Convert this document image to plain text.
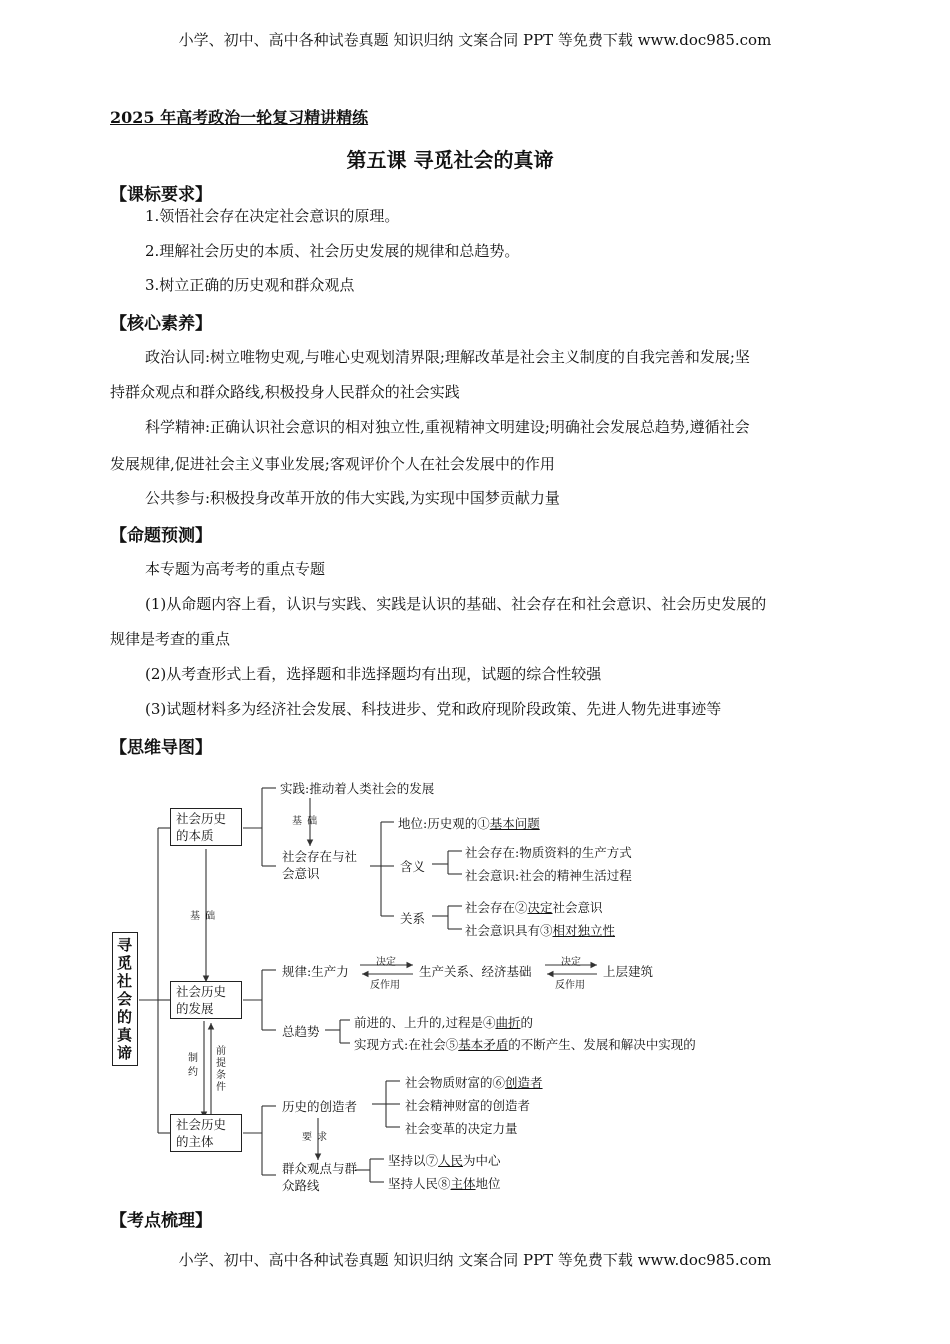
小学、初中、高中各种试卷真题 知识归纳 文案合同 PPT 等免费下载 www.doc985.com
小学、初中、高中各种试卷真题 知识归纳 文案合同 PPT 等免费下载 www.doc985.com
2025 年高考政治一轮复习精讲精练
第五课 寻觅社会的真谛
【课标要求】
1.领悟社会存在决定社会意识的原理。
2.理解社会历史的本质、社会历史发展的规律和总趋势。
3.树立正确的历史观和群众观点
【核心素养】
政治认同:树立唯物史观,与唯心史观划清界限;理解改革是社会主义制度的自我完善和发展;坚
持群众观点和群众路线,积极投身人民群众的社会实践
科学精神:正确认识社会意识的相对独立性,重视精神文明建设;明确社会发展总趋势,遵循社会
发展规律,促进社会主义事业发展;客观评价个人在社会发展中的作用
公共参与:积极投身改革开放的伟大实践,为实现中国梦贡献力量
【命题预测】
本专题为高考考的重点专题
(1)从命题内容上看，认识与实践、实践是认识的基础、社会存在和社会意识、社会历史发展的
规律是考查的重点
(2)从考查形式上看，选择题和非选择题均有出现，试题的综合性较强
(3)试题材料多为经济社会发展、科技进步、党和政府现阶段政策、先进人物先进事迹等
【思维导图】
寻觅社会的真谛
社会历史的本质
社会历史的发展
社会历史的主体
实践:推动着人类社会的发展
基 础
社会存在与社会意识
地位:历史观的①基本问题
含义
社会存在:物质资料的生产方式
社会意识:社会的精神生活过程
关系
社会存在②决定社会意识
社会意识具有③相对独立性
基 础
规律:生产力
决定
反作用
生产关系、经济基础
决定
反作用
上层建筑
总趋势
前进的、上升的,过程是④曲折的
实现方式:在社会⑤基本矛盾的不断产生、发展和解决中实现的
制约
前提条件
历史的创造者
社会物质财富的⑥创造者
社会精神财富的创造者
社会变革的决定力量
要 求
群众观点与群众路线
坚持以⑦人民为中心
坚持人民⑧主体地位
【考点梳理】
